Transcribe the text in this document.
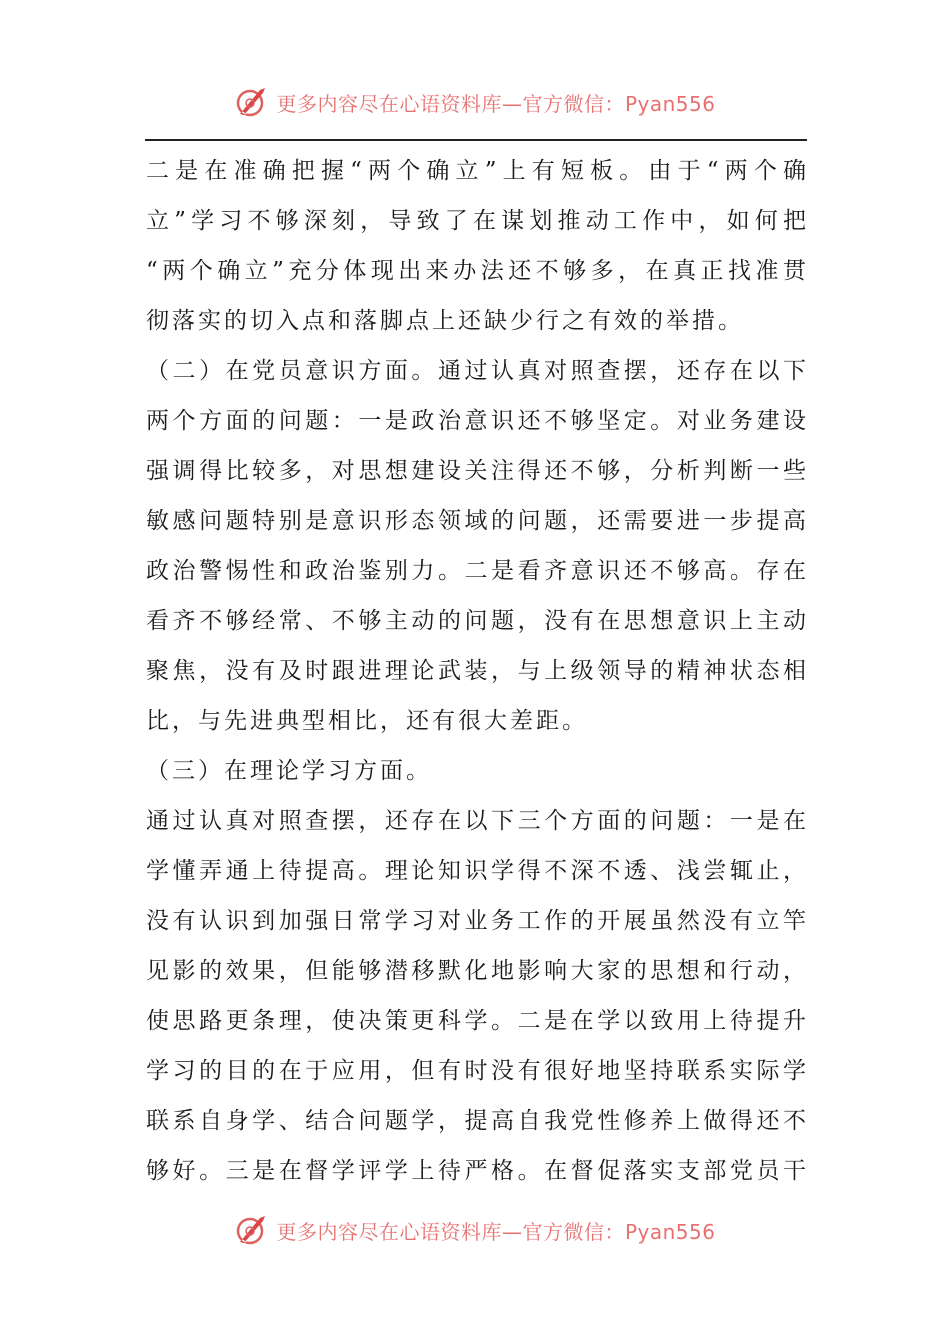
更多内容尽在心语资料库—官方微信：Pyan556
二是在准确把握“两个确立”上有短板。由于“两个确
立”学习不够深刻，导致了在谋划推动工作中，如何把
“两个确立”充分体现出来办法还不够多，在真正找准贯
彻落实的切入点和落脚点上还缺少行之有效的举措。
（二）在党员意识方面。通过认真对照查摆，还存在以下
两个方面的问题：一是政治意识还不够坚定。对业务建设
强调得比较多，对思想建设关注得还不够，分析判断一些
敏感问题特别是意识形态领域的问题，还需要进一步提高
政治警惕性和政治鉴别力。二是看齐意识还不够高。存在
看齐不够经常、不够主动的问题，没有在思想意识上主动
聚焦，没有及时跟进理论武装，与上级领导的精神状态相
比，与先进典型相比，还有很大差距。
（三）在理论学习方面。
通过认真对照查摆，还存在以下三个方面的问题：一是在
学懂弄通上待提高。理论知识学得不深不透、浅尝辄止，
没有认识到加强日常学习对业务工作的开展虽然没有立竿
见影的效果，但能够潜移默化地影响大家的思想和行动，
使思路更条理，使决策更科学。二是在学以致用上待提升
学习的目的在于应用，但有时没有很好地坚持联系实际学
联系自身学、结合问题学，提高自我党性修养上做得还不
够好。三是在督学评学上待严格。在督促落实支部党员干
更多内容尽在心语资料库—官方微信：Pyan556
